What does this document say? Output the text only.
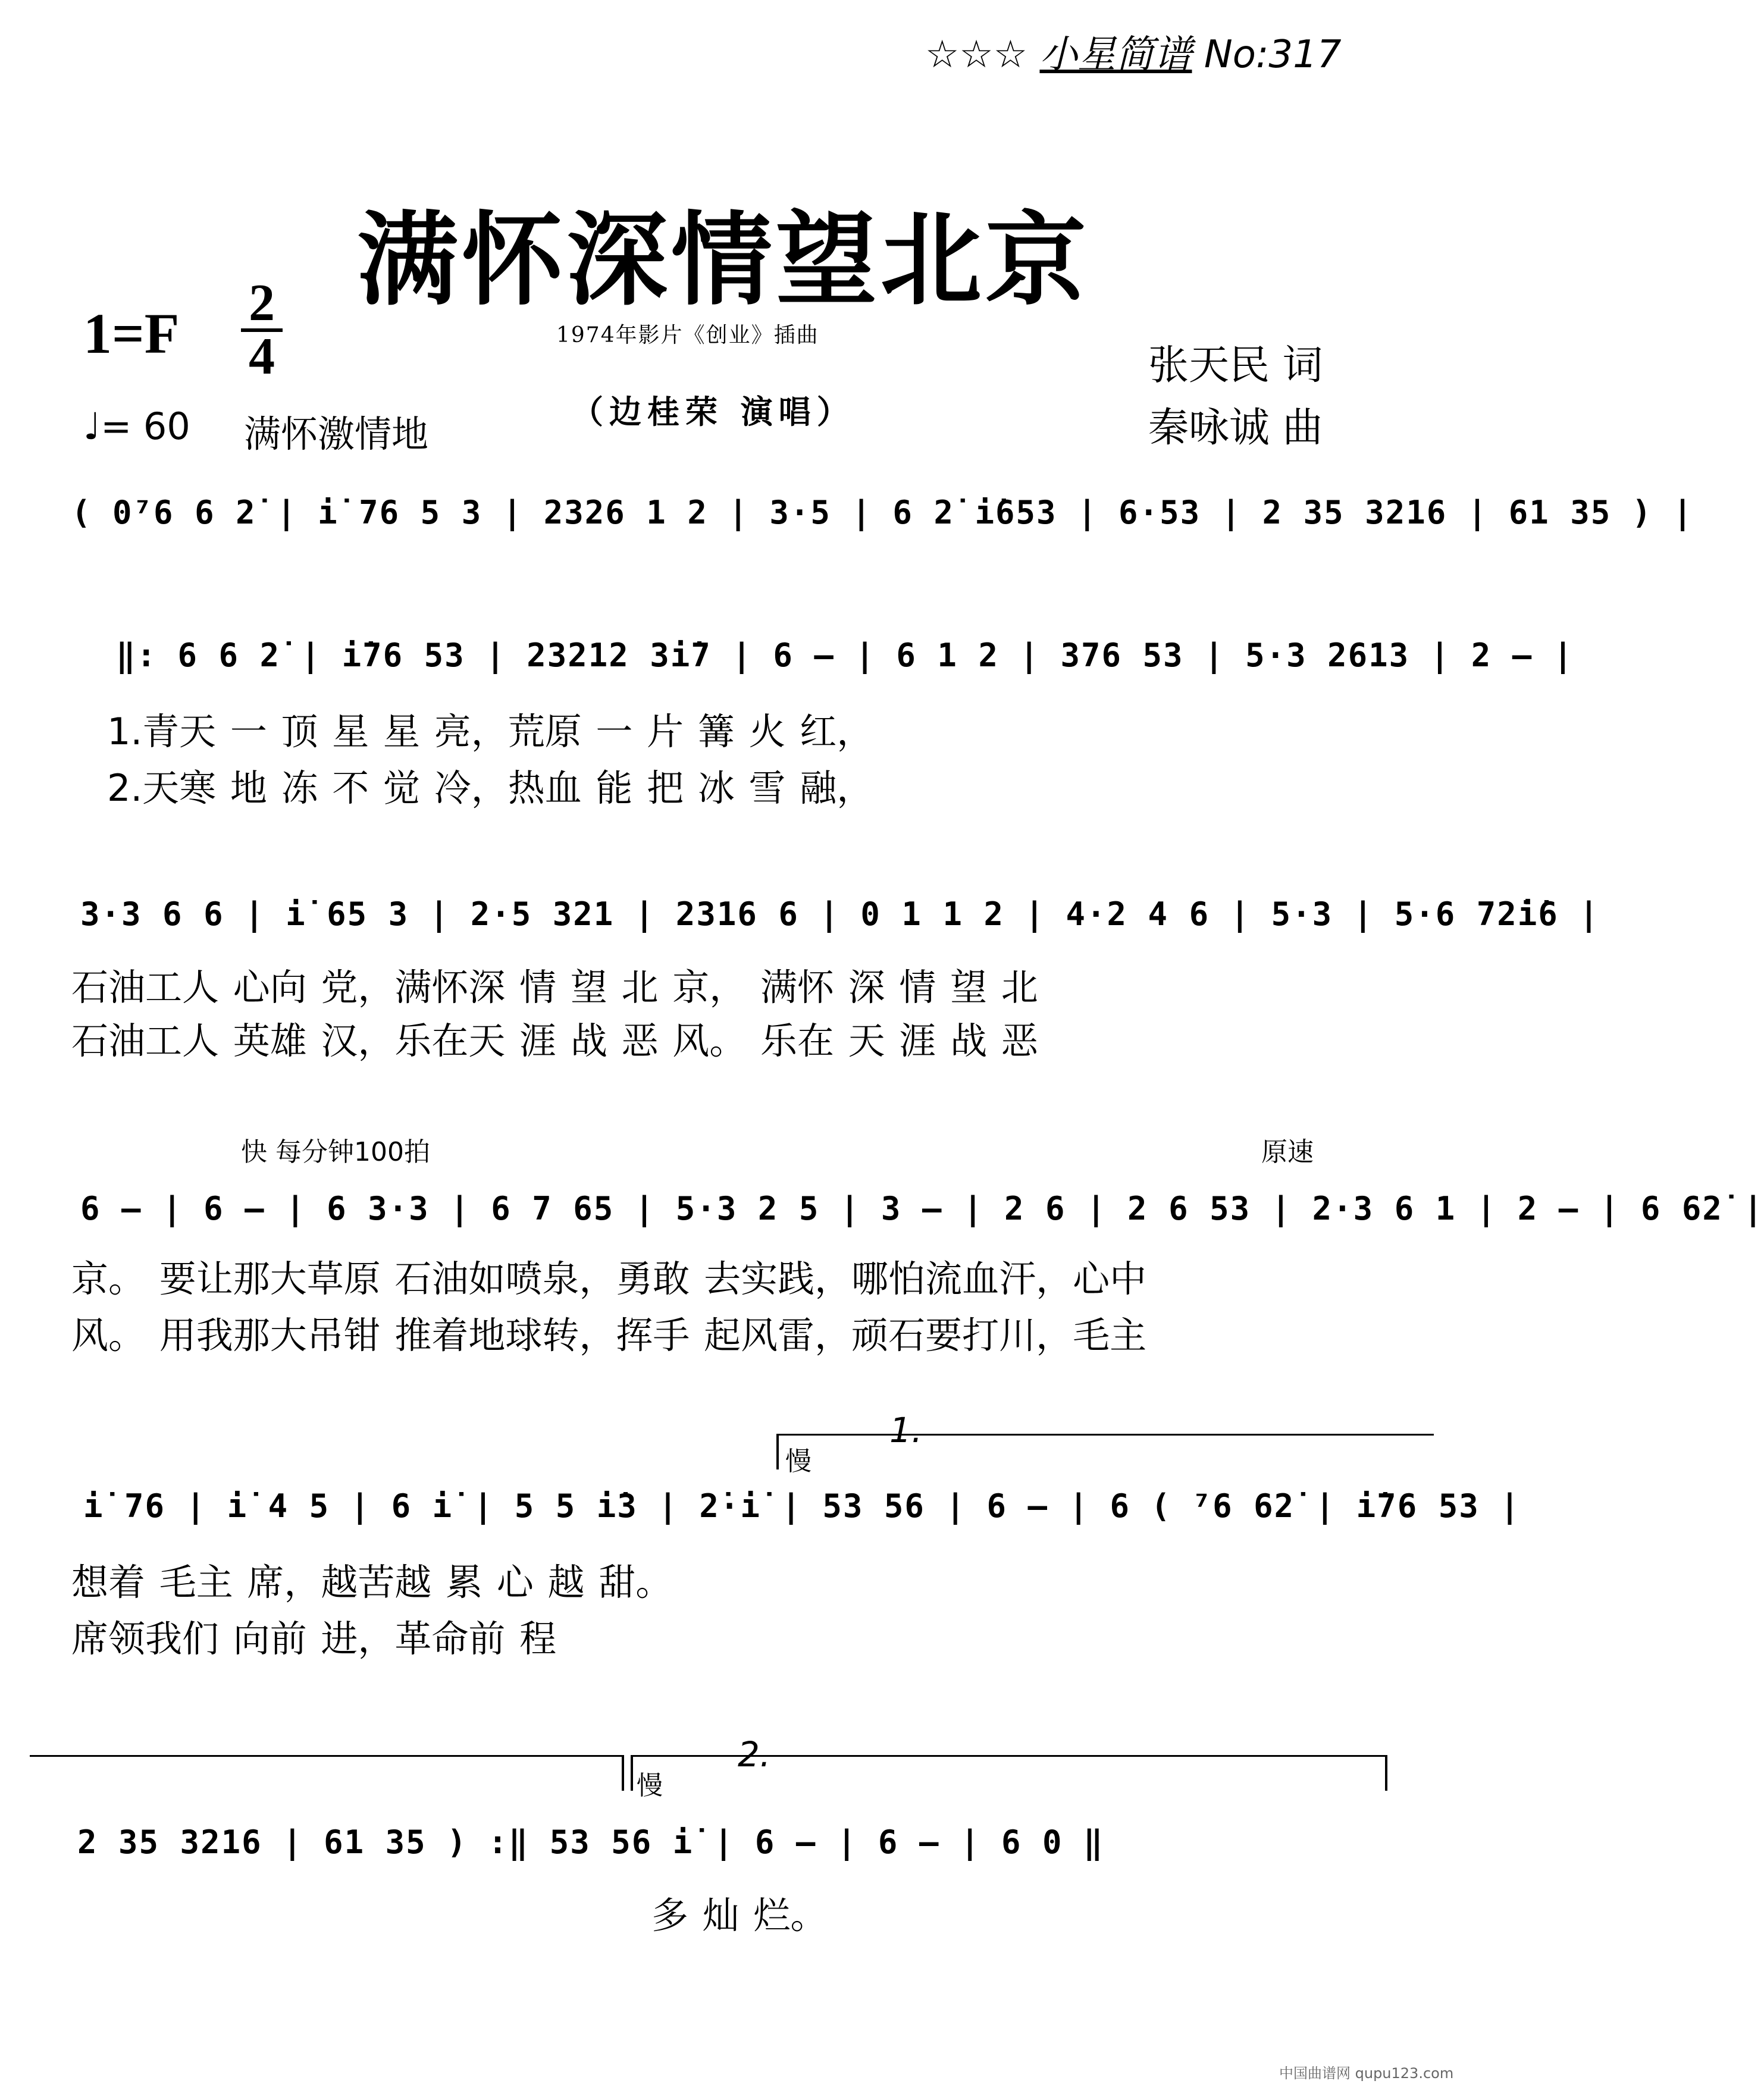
☆☆☆ 小星简谱 No:317
满怀深情望北京
1=F 2
4	1974年影片《创业》插曲
（边桂荣 演唱）
张天民 词
秦咏诚 曲
♩= 60 满怀激情地
( 0⁷6 6 2̇ | i̇ 76 5 3 | 2326 1 2 | 3·5 | 6 2̇ i̇653 | 6·53 | 2 35 3216 | 61 35 ) |
‖: 6 6 2̇ | i̇76 53 | 23212 3i̇7 | 6 – | 6 1 2 | 376 53 | 5·3 2613 | 2 – |
1.青天 一 顶 星 星 亮，荒原 一 片 篝 火 红，
2.天寒 地 冻 不 觉 冷，热血 能 把 冰 雪 融，
3·3 6 6 | i̇ 65 3 | 2·5 321 | 2316 6 | 0 1 1 2 | 4·2 4 6 | 5·3 | 5·6 72̇i̇6 |
石油工人 心向 党，满怀深 情 望 北 京， 满怀 深 情 望 北
石油工人 英雄 汉，乐在天 涯 战 恶 风。 乐在 天 涯 战 恶
快 每分钟100拍	原速
6 – | 6 – | 6 3·3 | 6 7 65 | 5·3 2 5 | 3 – | 2 6 | 2 6 53 | 2·3 6 1 | 2 – | 6 62̇ |
京。 要让那大草原 石油如喷泉，勇敢 去实践，哪怕流血汗，心中
风。 用我那大吊钳 推着地球转，挥手 起风雷，顽石要打川，毛主
1.
慢
i̇ 76 | i̇ 4 5 | 6 i̇ | 5 5 i̇3 | 2̇·i̇ | 53 56 | 6 – | 6 ( ⁷6 62̇ | i̇76 53 |
想着 毛主 席，越苦越 累 心 越 甜。
席领我们 向前 进，革命前 程
2.
慢
2 35 3216 | 61 35 ) :‖ 53 56 i̇ | 6 – | 6 – | 6 0 ‖
多 灿 烂。
中国曲谱网 qupu123.com
